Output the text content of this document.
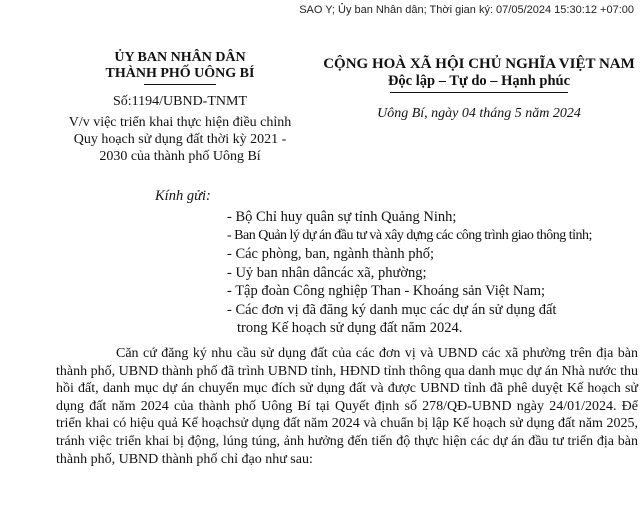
SAO Y; Ủy ban Nhân dân; Thời gian ký: 07/05/2024 15:30:12 +07:00
ỦY BAN NHÂN DÂN
THÀNH PHỐ UÔNG BÍ
Số:1194/UBND-TNMT
V/v việc triển khai thực hiện điều chỉnh
Quy hoạch sử dụng đất thời kỳ 2021 -
2030 của thành phố Uông Bí
CỘNG HOÀ XÃ HỘI CHỦ NGHĨA VIỆT NAM
Độc lập – Tự do – Hạnh phúc
Uông Bí, ngày 04 tháng 5 năm 2024
Kính gửi:
- Bộ Chỉ huy quân sự tỉnh Quảng Ninh;
- Ban Quản lý dự án đầu tư và xây dựng các công trình giao thông tỉnh;
- Các phòng, ban, ngành thành phố;
- Uỷ ban nhân dâncác xã, phường;
- Tập đoàn Công nghiệp Than - Khoáng sản Việt Nam;
- Các đơn vị đã đăng ký danh mục các dự án sử dụng đất
trong Kế hoạch sử dụng đất năm 2024.

Căn cứ đăng ký nhu cầu sử dụng đất của các đơn vị và UBND các xã phường trên địa bàn thành phố, UBND thành phố đã trình UBND tỉnh, HĐND tỉnh thông qua danh mục dự án Nhà nước thu hồi đất, danh mục dự án chuyển mục đích sử dụng đất và được UBND tỉnh đã phê duyệt Kế hoạch sử dụng đất năm 2024 của thành phố Uông Bí tại Quyết định số 278/QĐ-UBND ngày 24/01/2024. Để triển khai có hiệu quả Kế hoạchsử dụng đất năm 2024 và chuẩn bị lập Kế hoạch sử dụng đất năm 2025, tránh việc triển khai bị động, lúng túng, ảnh hưởng đến tiến độ thực hiện các dự án đầu tư triển địa bàn thành phố, UBND thành phố chỉ đạo như sau:
